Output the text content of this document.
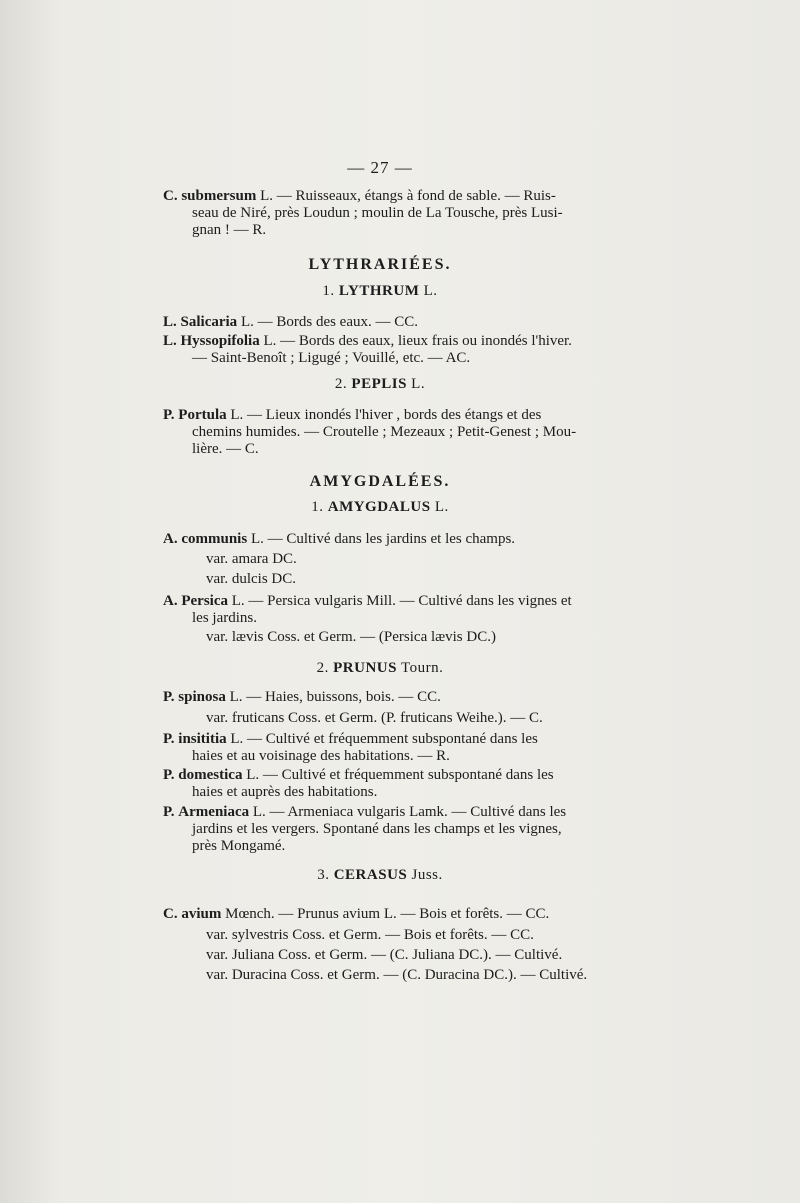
— 27 —
C. submersum L. — Ruisseaux, étangs à fond de sable. — Ruis-
seau de Niré, près Loudun ; moulin de La Tousche, près Lusi-
gnan ! — R.
LYTHRARIÉES.
1. LYTHRUM L.
L. Salicaria L. — Bords des eaux. — CC.
L. Hyssopifolia L. — Bords des eaux, lieux frais ou inondés l'hiver.
— Saint-Benoît ; Ligugé ; Vouillé, etc. — AC.
2. PEPLIS L.
P. Portula L. — Lieux inondés l'hiver , bords des étangs et des
chemins humides. — Croutelle ; Mezeaux ; Petit-Genest ; Mou-
lière. — C.
AMYGDALÉES.
1. AMYGDALUS L.
A. communis L. — Cultivé dans les jardins et les champs.
var. amara DC.
var. dulcis DC.
A. Persica L. — Persica vulgaris Mill. — Cultivé dans les vignes et
les jardins.
var. lævis Coss. et Germ. — (Persica lævis DC.)
2. PRUNUS Tourn.
P. spinosa L. — Haies, buissons, bois. — CC.
var. fruticans Coss. et Germ. (P. fruticans Weihe.). — C.
P. insititia L. — Cultivé et fréquemment subspontané dans les
haies et au voisinage des habitations. — R.
P. domestica L. — Cultivé et fréquemment subspontané dans les
haies et auprès des habitations.
P. Armeniaca L. — Armeniaca vulgaris Lamk. — Cultivé dans les
jardins et les vergers. Spontané dans les champs et les vignes,
près Mongamé.
3. CERASUS Juss.
C. avium Mœnch. — Prunus avium L. — Bois et forêts. — CC.
var. sylvestris Coss. et Germ. — Bois et forêts. — CC.
var. Juliana Coss. et Germ. — (C. Juliana DC.). — Cultivé.
var. Duracina Coss. et Germ. — (C. Duracina DC.). — Cultivé.
